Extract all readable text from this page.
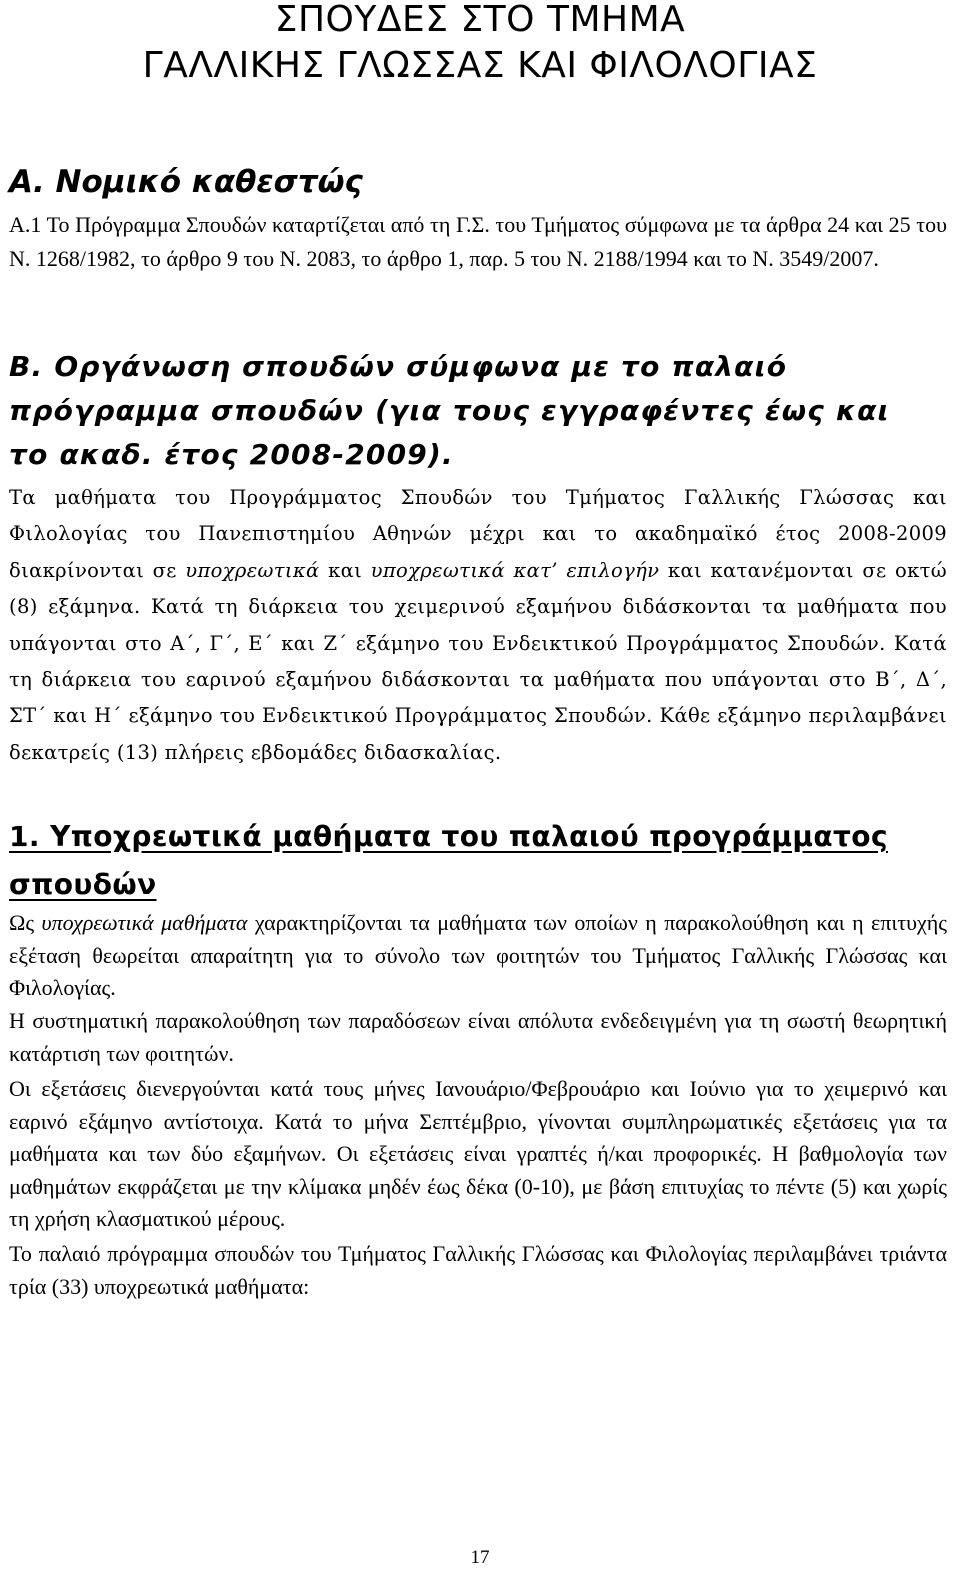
ΣΠΟΥΔΕΣ ΣΤΟ ΤΜΗΜΑ
ΓΑΛΛΙΚΗΣ ΓΛΩΣΣΑΣ ΚΑΙ ΦΙΛΟΛΟΓΙΑΣ
Α. Νομικό καθεστώς

Α.1 Το Πρόγραμμα Σπουδών καταρτίζεται από τη Γ.Σ. του Τμήματος σύμφωνα με τα άρθρα 24 και 25 του Ν. 1268/1982, το άρθρο 9 του Ν. 2083, το άρθρο 1, παρ. 5 του Ν. 2188/1994 και το Ν. 3549/2007.

Β. Οργάνωση σπουδών σύμφωνα με το παλαιό
πρόγραμμα σπουδών (για τους εγγραφέντες έως και
το ακαδ. έτος 2008-2009).

Τα μαθήματα του Προγράμματος Σπουδών του Τμήματος Γαλλικής Γλώσσας και Φιλολογίας του Πανεπιστημίου Αθηνών μέχρι και το ακαδημαϊκό έτος 2008-2009 διακρίνονται σε υποχρεωτικά και υποχρεωτικά κατ’ επιλογήν και κατανέμονται σε οκτώ (8) εξάμηνα. Κατά τη διάρκεια του χειμερινού εξαμήνου διδάσκονται τα μαθήματα που υπάγονται στο Α΄, Γ΄, Ε΄ και Ζ΄ εξάμηνο του Ενδεικτικού Προγράμματος Σπουδών. Κατά τη διάρκεια του εαρινού εξαμήνου διδάσκονται τα μαθήματα που υπάγονται στο Β΄, Δ΄, ΣΤ΄ και Η΄ εξάμηνο του Ενδεικτικού Προγράμματος Σπουδών. Κάθε εξάμηνο περιλαμβάνει δεκατρείς (13) πλήρεις εβδομάδες διδασκαλίας.

1. Υποχρεωτικά μαθήματα του παλαιού προγράμματος σπουδών

Ως υποχρεωτικά μαθήματα χαρακτηρίζονται τα μαθήματα των οποίων η παρακολούθηση και η επιτυχής εξέταση θεωρείται απαραίτητη για το σύνολο των φοιτητών του Τμήματος Γαλλικής Γλώσσας και Φιλολογίας.

Η συστηματική παρακολούθηση των παραδόσεων είναι απόλυτα ενδεδειγμένη για τη σωστή θεωρητική κατάρτιση των φοιτητών.

Οι εξετάσεις διενεργούνται κατά τους μήνες Ιανουάριο/Φεβρουάριο και Ιούνιο για το χειμερινό και εαρινό εξάμηνο αντίστοιχα. Κατά το μήνα Σεπτέμβριο, γίνονται συμπληρωματικές εξετάσεις για τα μαθήματα και των δύο εξαμήνων. Οι εξετάσεις είναι γραπτές ή/και προφορικές. Η βαθμολογία των μαθημάτων εκφράζεται με την κλίμακα μηδέν έως δέκα (0-10), με βάση επιτυχίας το πέντε (5) και χωρίς τη χρήση κλασματικού μέρους.

Το παλαιό πρόγραμμα σπουδών του Τμήματος Γαλλικής Γλώσσας και Φιλολογίας περιλαμβάνει τριάντα τρία (33) υποχρεωτικά μαθήματα:

17
